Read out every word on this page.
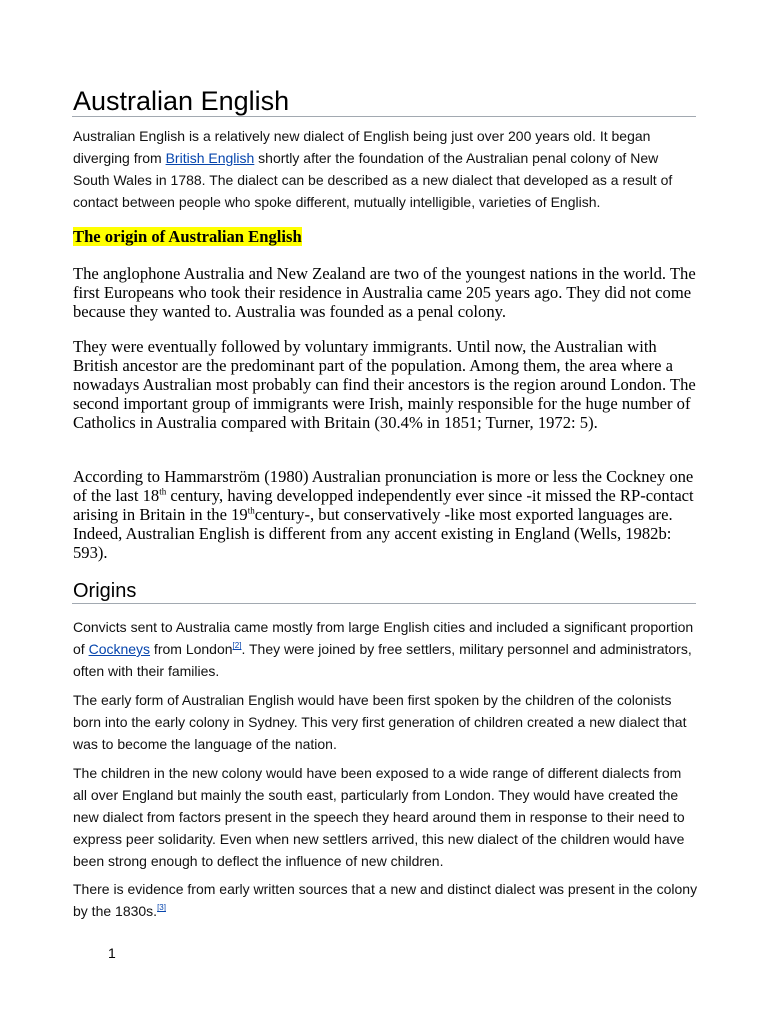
Australian English

Australian English is a relatively new dialect of English being just over 200 years old. It began diverging from British English shortly after the foundation of the Australian penal colony of New South Wales in 1788. The dialect can be described as a new dialect that developed as a result of contact between people who spoke different, mutually intelligible, varieties of English.

The origin of Australian English

The anglophone Australia and New Zealand are two of the youngest nations in the world. The first Europeans who took their residence in Australia came 205 years ago. They did not come because they wanted to. Australia was founded as a penal colony.

They were eventually followed by voluntary immigrants. Until now, the Australian with British ancestor are the predominant part of the population. Among them, the area where a nowadays Australian most probably can find their ancestors is the region around London. The second important group of immigrants were Irish, mainly responsible for the huge number of Catholics in Australia compared with Britain (30.4% in 1851; Turner, 1972: 5).

According to Hammarström (1980) Australian pronunciation is more or less the Cockney one of the last 18th century, having developped independently ever since -it missed the RP-contact arising in Britain in the 19thcentury-, but conservatively -like most exported languages are. Indeed, Australian English is different from any accent existing in England (Wells, 1982b: 593).

Origins

Convicts sent to Australia came mostly from large English cities and included a significant proportion of Cockneys from London[2]. They were joined by free settlers, military personnel and administrators, often with their families.

The early form of Australian English would have been first spoken by the children of the colonists born into the early colony in Sydney. This very first generation of children created a new dialect that was to become the language of the nation.

The children in the new colony would have been exposed to a wide range of different dialects from all over England but mainly the south east, particularly from London. They would have created the new dialect from factors present in the speech they heard around them in response to their need to express peer solidarity. Even when new settlers arrived, this new dialect of the children would have been strong enough to deflect the influence of new children.

There is evidence from early written sources that a new and distinct dialect was present in the colony by the 1830s.[3]

1
